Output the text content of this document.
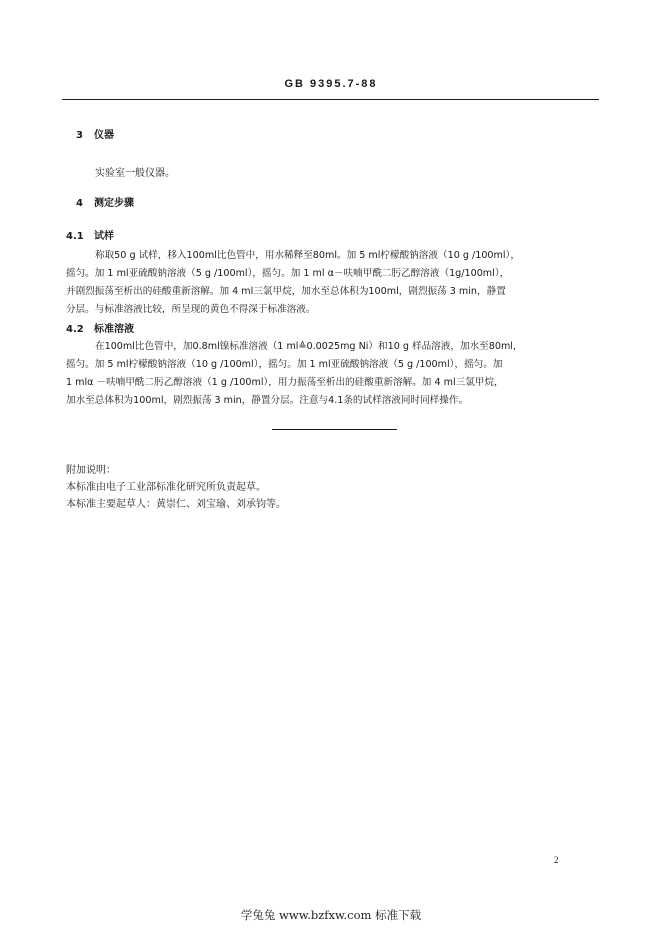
GB 9395.7-88
3 仪器
实验室一般仪器。
4 测定步骤
4.1 试样
称取50 g 试样，移入100ml比色管中，用水稀释至80ml。加 5 ml柠檬酸钠溶液（10 g /100ml），
摇匀。加 1 ml亚硫酸钠溶液（5 g /100ml），摇匀。加 1 ml α－呋喃甲酰二肟乙醇溶液（1g/100ml），
并剧烈振荡至析出的硅酸重新溶解。加 4 ml三氯甲烷，加水至总体积为100ml，剧烈振荡 3 min，静置
分层。与标准溶液比较，所呈现的黄色不得深于标准溶液。
4.2 标准溶液
在100ml比色管中，加0.8ml镍标准溶液（1 ml≙0.0025mg Ni）和10 g 样品溶液，加水至80ml，
摇匀。加 5 ml柠檬酸钠溶液（10 g /100ml），摇匀。加 1 ml亚硫酸钠溶液（5 g /100ml），摇匀。加
1 mlα －呋喃甲酰二肟乙醇溶液（1 g /100ml），用力振荡至析出的硅酸重新溶解。加 4 ml三氯甲烷，
加水至总体积为100ml，剧烈振荡 3 min，静置分层。注意与4.1条的试样溶液同时同样操作。
附加说明：
本标准由电子工业部标准化研究所负责起草。
本标准主要起草人：黄崇仁、刘宝瑜、刘承钧等。
2
学兔兔 www.bzfxw.com 标准下载
